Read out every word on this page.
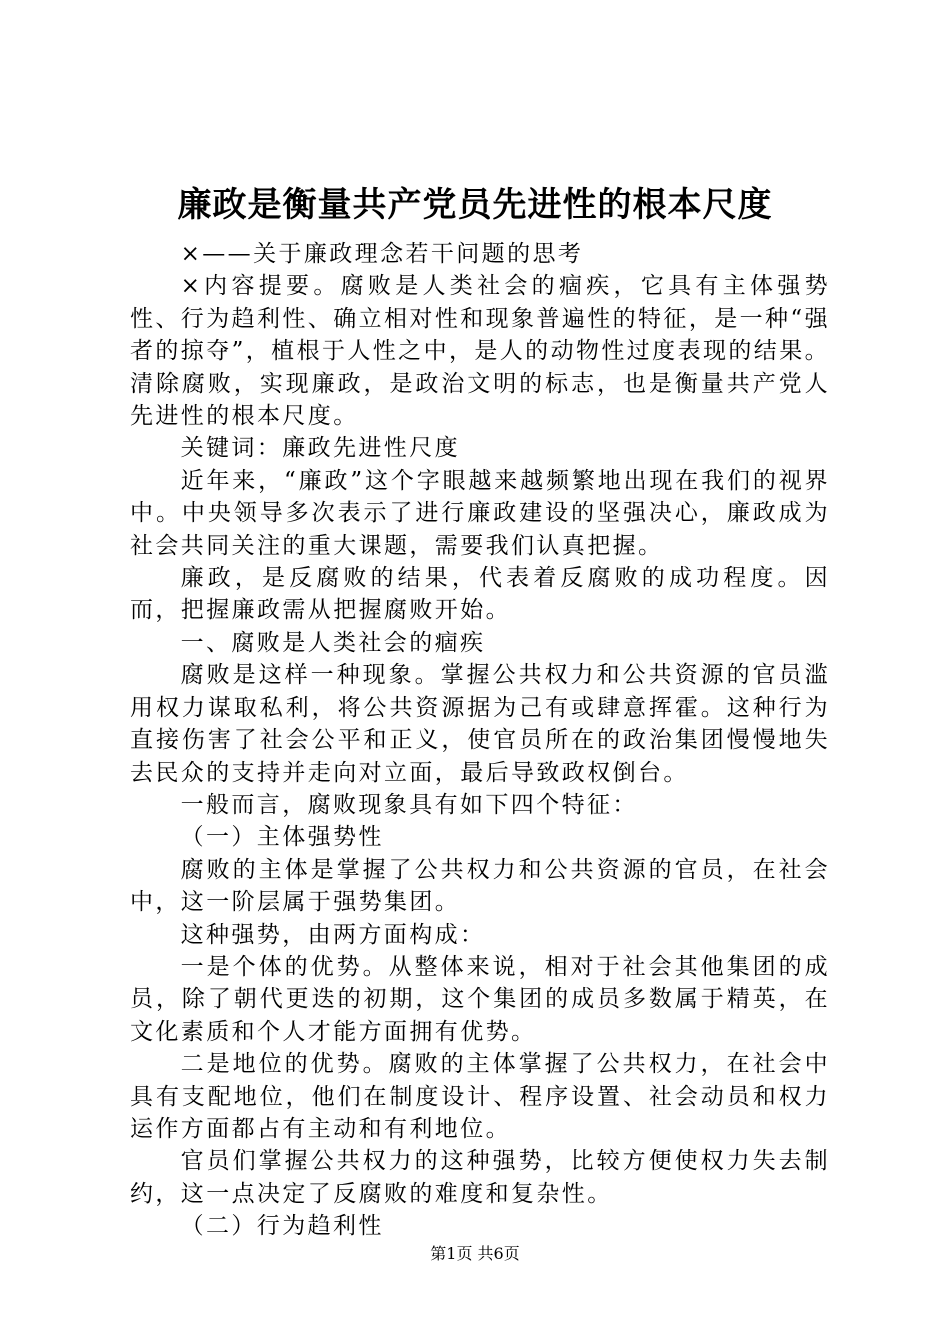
廉政是衡量共产党员先进性的根本尺度

×——关于廉政理念若干问题的思考

×内容提要。腐败是人类社会的痼疾，它具有主体强势性、行为趋利性、确立相对性和现象普遍性的特征，是一种“强者的掠夺”，植根于人性之中，是人的动物性过度表现的结果。清除腐败，实现廉政，是政治文明的标志，也是衡量共产党人先进性的根本尺度。

关键词：廉政先进性尺度

近年来，“廉政”这个字眼越来越频繁地出现在我们的视界中。中央领导多次表示了进行廉政建设的坚强决心，廉政成为社会共同关注的重大课题，需要我们认真把握。

廉政，是反腐败的结果，代表着反腐败的成功程度。因而，把握廉政需从把握腐败开始。

一、腐败是人类社会的痼疾

腐败是这样一种现象。掌握公共权力和公共资源的官员滥用权力谋取私利，将公共资源据为己有或肆意挥霍。这种行为直接伤害了社会公平和正义，使官员所在的政治集团慢慢地失去民众的支持并走向对立面，最后导致政权倒台。

一般而言，腐败现象具有如下四个特征：

（一）主体强势性

腐败的主体是掌握了公共权力和公共资源的官员，在社会中，这一阶层属于强势集团。

这种强势，由两方面构成：

一是个体的优势。从整体来说，相对于社会其他集团的成员，除了朝代更迭的初期，这个集团的成员多数属于精英，在文化素质和个人才能方面拥有优势。

二是地位的优势。腐败的主体掌握了公共权力，在社会中具有支配地位，他们在制度设计、程序设置、社会动员和权力运作方面都占有主动和有利地位。

官员们掌握公共权力的这种强势，比较方便使权力失去制约，这一点决定了反腐败的难度和复杂性。

（二）行为趋利性

第1页 共6页
